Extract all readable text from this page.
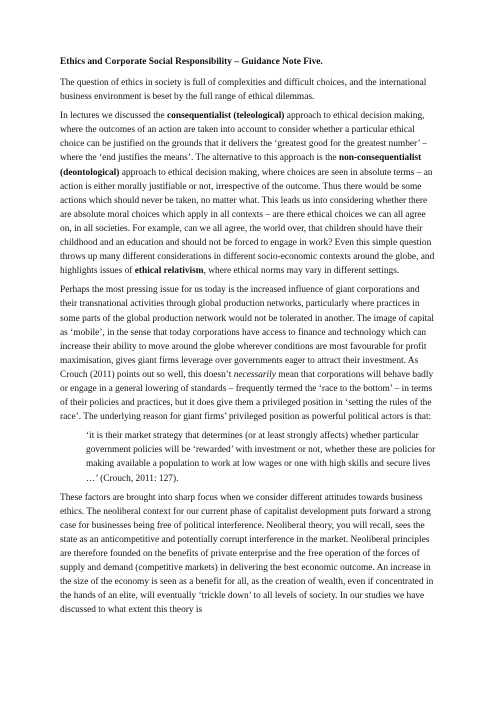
Ethics and Corporate Social Responsibility – Guidance Note Five.

The question of ethics in society is full of complexities and difficult choices, and the international business environment is beset by the full range of ethical dilemmas.

In lectures we discussed the consequentialist (teleological) approach to ethical decision making, where the outcomes of an action are taken into account to consider whether a particular ethical choice can be justified on the grounds that it delivers the ‘greatest good for the greatest number’ – where the ‘end justifies the means’. The alternative to this approach is the non-consequentialist (deontological) approach to ethical decision making, where choices are seen in absolute terms – an action is either morally justifiable or not, irrespective of the outcome. Thus there would be some actions which should never be taken, no matter what. This leads us into considering whether there are absolute moral choices which apply in all contexts – are there ethical choices we can all agree on, in all societies. For example, can we all agree, the world over, that children should have their childhood and an education and should not be forced to engage in work? Even this simple question throws up many different considerations in different socio-economic contexts around the globe, and highlights issues of ethical relativism, where ethical norms may vary in different settings.

Perhaps the most pressing issue for us today is the increased influence of giant corporations and their transnational activities through global production networks, particularly where practices in some parts of the global production network would not be tolerated in another. The image of capital as ‘mobile’, in the sense that today corporations have access to finance and technology which can increase their ability to move around the globe wherever conditions are most favourable for profit maximisation, gives giant firms leverage over governments eager to attract their investment. As Crouch (2011) points out so well, this doesn’t necessarily mean that corporations will behave badly or engage in a general lowering of standards – frequently termed the ‘race to the bottom’ – in terms of their policies and practices, but it does give them a privileged position in ‘setting the rules of the race’. The underlying reason for giant firms’ privileged position as powerful political actors is that:

‘it is their market strategy that determines (or at least strongly affects) whether particular government policies will be ‘rewarded’ with investment or not, whether these are policies for making available a population to work at low wages or one with high skills and secure lives …’ (Crouch, 2011: 127).

These factors are brought into sharp focus when we consider different attitudes towards business ethics. The neoliberal context for our current phase of capitalist development puts forward a strong case for businesses being free of political interference. Neoliberal theory, you will recall, sees the state as an anticompetitive and potentially corrupt interference in the market. Neoliberal principles are therefore founded on the benefits of private enterprise and the free operation of the forces of supply and demand (competitive markets) in delivering the best economic outcome. An increase in the size of the economy is seen as a benefit for all, as the creation of wealth, even if concentrated in the hands of an elite, will eventually ‘trickle down’ to all levels of society. In our studies we have discussed to what extent this theory is
